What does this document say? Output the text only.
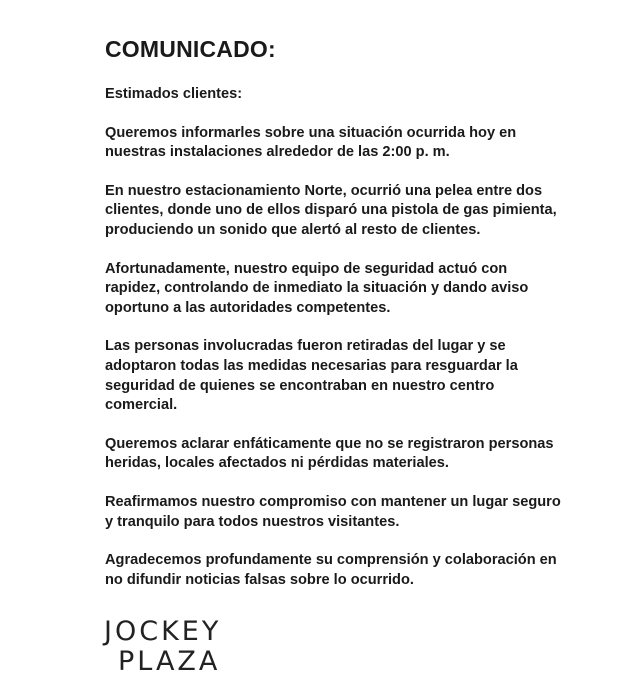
COMUNICADO:

Estimados clientes:

Queremos informarles sobre una situación ocurrida hoy en
nuestras instalaciones alrededor de las 2:00 p. m.

En nuestro estacionamiento Norte, ocurrió una pelea entre dos
clientes, donde uno de ellos disparó una pistola de gas pimienta,
produciendo un sonido que alertó al resto de clientes.

Afortunadamente, nuestro equipo de seguridad actuó con
rapidez, controlando de inmediato la situación y dando aviso
oportuno a las autoridades competentes.

Las personas involucradas fueron retiradas del lugar y se
adoptaron todas las medidas necesarias para resguardar la
seguridad de quienes se encontraban en nuestro centro
comercial.

Queremos aclarar enfáticamente que no se registraron personas
heridas, locales afectados ni pérdidas materiales.

Reafirmamos nuestro compromiso con mantener un lugar seguro
y tranquilo para todos nuestros visitantes.

Agradecemos profundamente su comprensión y colaboración en
no difundir noticias falsas sobre lo ocurrido.

JOCKEY
PLAZA
